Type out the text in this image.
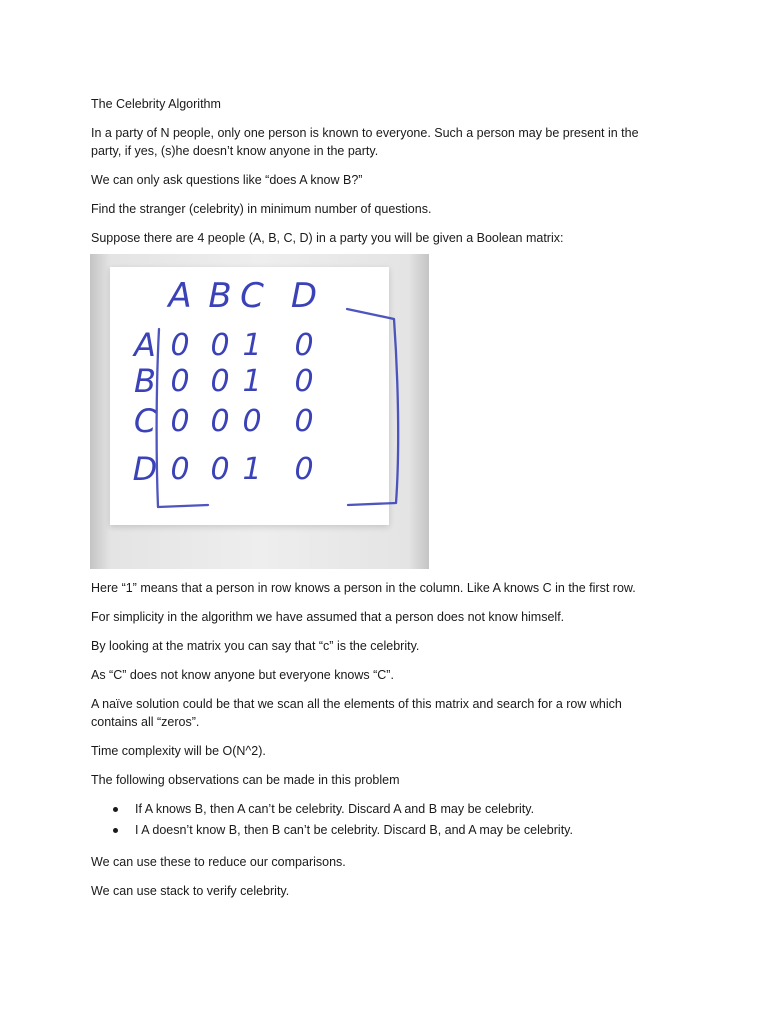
The Celebrity Algorithm

In a party of N people, only one person is known to everyone. Such a person may be present in the party, if yes, (s)he doesn’t know anyone in the party.

We can only ask questi͏ons like “does A know B?”

Find the stranger (celebrity) in minimum number of questi͏ons.

Suppose there are 4 people (A, B, C, D) in a party you will be given a Boolean matrix:

A B C D
A
B
C
D
0 0 1 0
0 0 1 0
0 0 0 0
0 0 1 0

Here “1” means that a person in row knows a person in the column. Like A knows C in the fi͏rst row.

For simplicity in the algorithm we have assumed that a person does not know himself.

By looking at the matrix you can say that “c” is the celebrity.

As “C” does not know anyone but everyone knows “C”.

A naïve soluti͏on could be that we scan all the elements of this matrix and search for a row which contains all “zeros”.

Time complexity will be O(N^2).

The following observati͏ons can be made in this problem

If A knows B, then A can’t be celebrity. Discard A and B may be celebrity.
I A doesn’t know B, then B can’t be celebrity. Discard B, and A may be celebrity.

We can use these to reduce our comparisons.

We can use stack to verify celebrity.
